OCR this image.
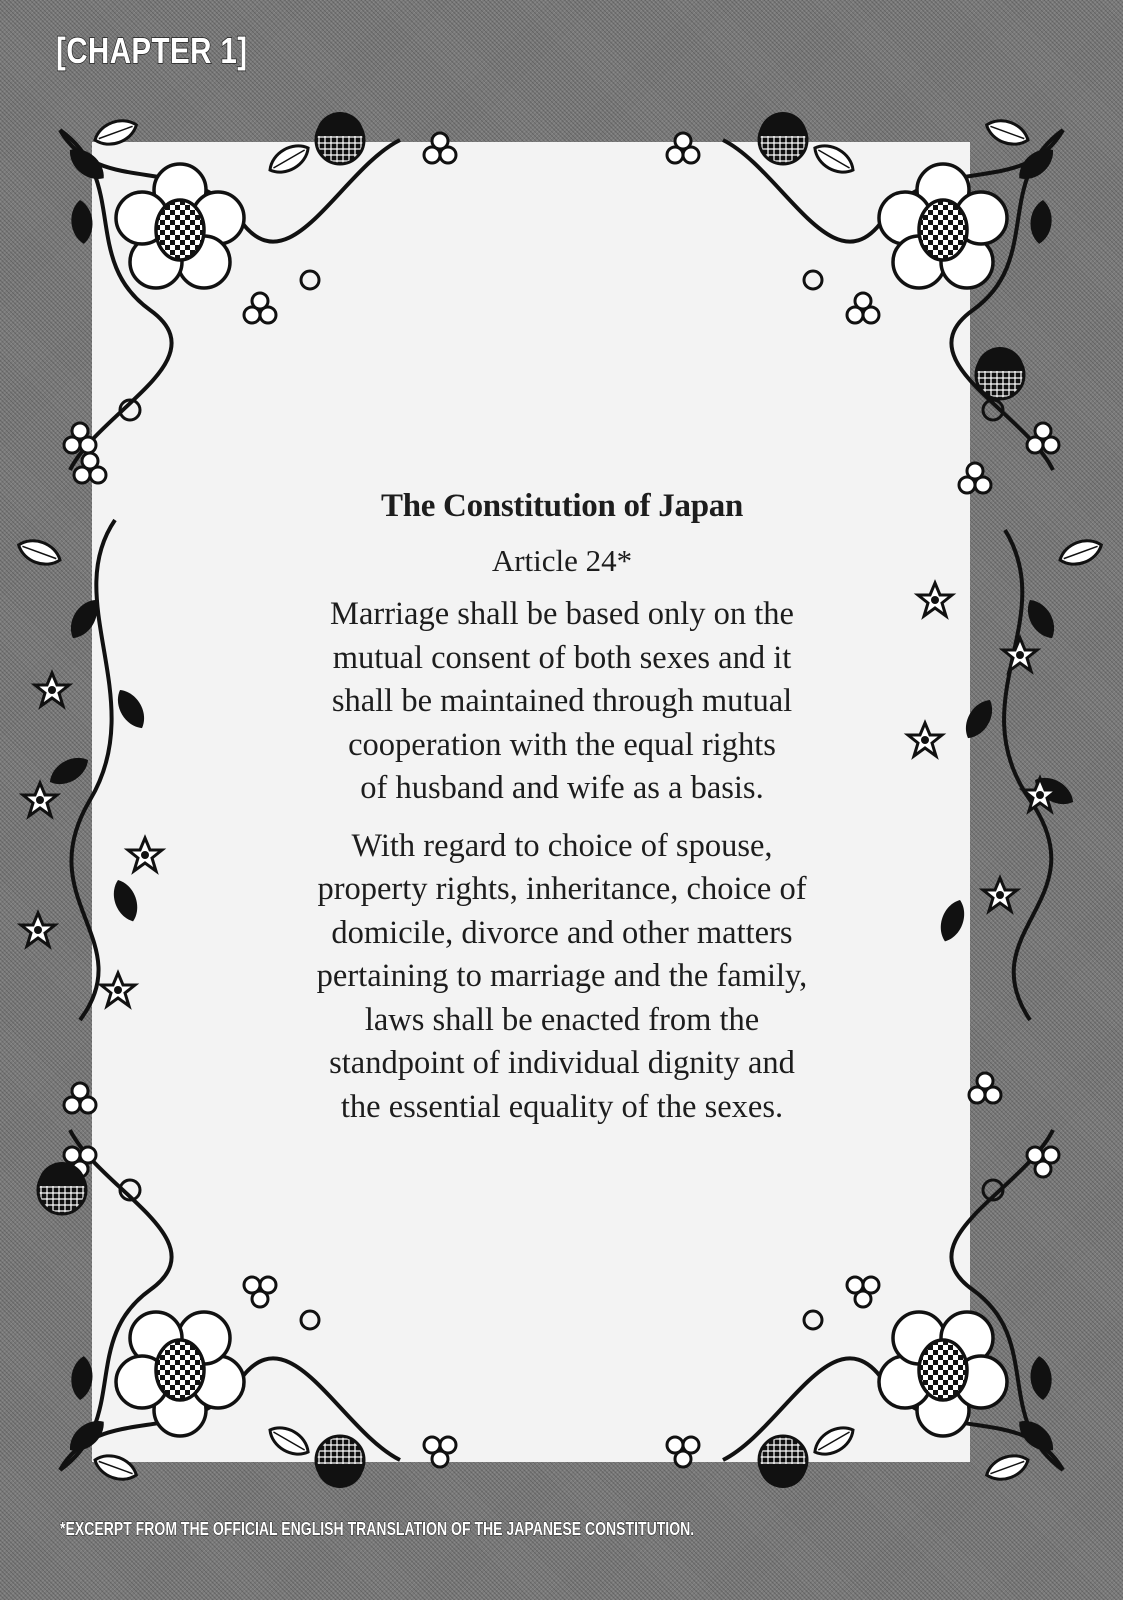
[CHAPTER 1]
The Constitution of Japan
Article 24*
Marriage shall be based only on the
mutual consent of both sexes and it
shall be maintained through mutual
cooperation with the equal rights
of husband and wife as a basis.
With regard to choice of spouse,
property rights, inheritance, choice of
domicile, divorce and other matters
pertaining to marriage and the family,
laws shall be enacted from the
standpoint of individual dignity and
the essential equality of the sexes.
*EXCERPT FROM THE OFFICIAL ENGLISH TRANSLATION OF THE JAPANESE CONSTITUTION.
